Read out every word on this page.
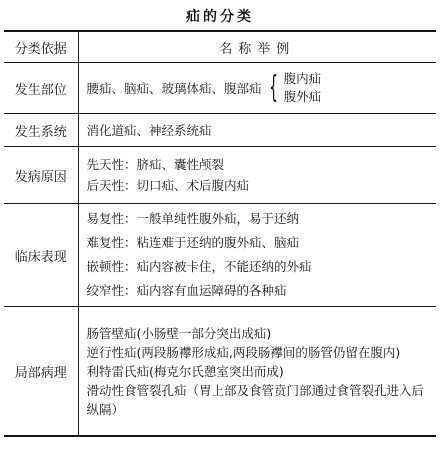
疝的分类
分类依据	名称举例

发生部位	腰疝、脑疝、玻璃体疝、腹部疝 { 腹内疝
腹外疝

发生系统	消化道疝、神经系统疝

发病原因	先天性：脐疝、囊性颅裂
后天性：切口疝、术后腹内疝

临床表现	易复性：一般单纯性腹外疝，易于还纳
难复性：粘连难于还纳的腹外疝、脑疝
嵌顿性：疝内容被卡住，不能还纳的外疝
绞窄性：疝内容有血运障碍的各种疝

局部病理	肠管壁疝(小肠壁一部分突出成疝)
逆行性疝(两段肠襻形成疝,两段肠襻间的肠管仍留在腹内)
利特雷氏疝(梅克尔氏憩室突出而成)
滑动性食管裂孔疝（胃上部及食管贲门部通过食管裂孔进入后纵隔）
